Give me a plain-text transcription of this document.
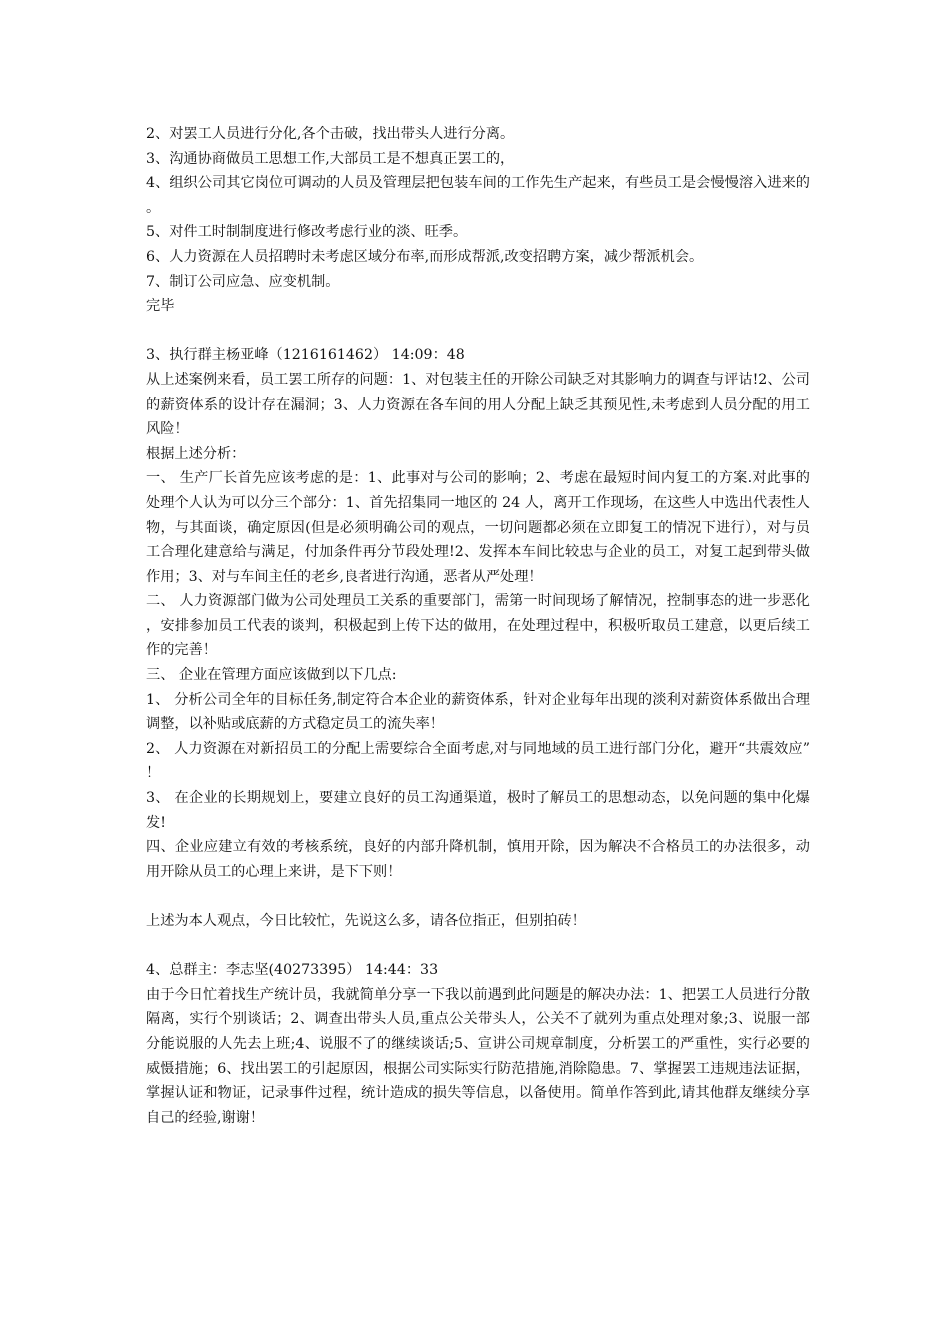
2、对罢工人员进行分化,各个击破，找出带头人进行分离。

3、沟通协商做员工思想工作,大部员工是不想真正罢工的，

4、组织公司其它岗位可调动的人员及管理层把包装车间的工作先生产起来，有些员工是会慢慢溶入进来的。

5、对件工时制制度进行修改考虑行业的淡、旺季。

6、人力资源在人员招聘时未考虑区域分布率,而形成帮派,改变招聘方案，减少帮派机会。

7、制订公司应急、应变机制。

完毕

3、执行群主杨亚峰（1216161462） 14:09：48

从上述案例来看，员工罢工所存的问题：1、对包装主任的开除公司缺乏对其影响力的调查与评诂!2、公司的薪资体系的设计存在漏洞；3、人力资源在各车间的用人分配上缺乏其预见性,未考虑到人员分配的用工风险！

根据上述分析：

一、 生产厂长首先应该考虑的是：1、此事对与公司的影响；2、考虑在最短时间内复工的方案.对此事的处理个人认为可以分三个部分：1、首先招集同一地区的 24 人，离开工作现场，在这些人中选出代表性人物，与其面谈，确定原因(但是必须明确公司的观点，一切问题都必须在立即复工的情况下进行），对与员工合理化建意给与满足，付加条件再分节段处理!2、发挥本车间比较忠与企业的员工，对复工起到带头做作用；3、对与车间主任的老乡,良者进行沟通，恶者从严处理！

二、 人力资源部门做为公司处理员工关系的重要部门，需第一时间现场了解情况，控制事态的进一步恶化，安排参加员工代表的谈判，积极起到上传下达的做用，在处理过程中，积极听取员工建意，以更后续工作的完善！

三、 企业在管理方面应该做到以下几点:

1、 分析公司全年的目标任务,制定符合本企业的薪资体系，针对企业每年出现的淡利对薪资体系做出合理调整，以补贴或底薪的方式稳定员工的流失率！

2、 人力资源在对新招员工的分配上需要综合全面考虑,对与同地域的员工进行部门分化，避开“共震效应”！

3、 在企业的长期规划上，要建立良好的员工沟通渠道，极时了解员工的思想动态，以免问题的集中化爆发!

四、企业应建立有效的考核系统，良好的内部升降机制，慎用开除，因为解决不合格员工的办法很多，动用开除从员工的心理上来讲，是下下则！

上述为本人观点，今日比较忙，先说这么多，请各位指正，但别拍砖！

4、总群主：李志坚(40273395） 14:44：33

由于今日忙着找生产统计员，我就简单分享一下我以前遇到此问题是的解决办法：1、把罢工人员进行分散隔离，实行个别谈话；2、调查出带头人员,重点公关带头人，公关不了就列为重点处理对象;3、说服一部分能说服的人先去上班;4、说服不了的继续谈话;5、宣讲公司规章制度，分析罢工的严重性，实行必要的威慑措施；6、找出罢工的引起原因，根据公司实际实行防范措施,消除隐患。7、掌握罢工违规违法证据，掌握认证和物证，记录事件过程，统计造成的损失等信息，以备使用。简单作答到此,请其他群友继续分享自己的经验,谢谢！
